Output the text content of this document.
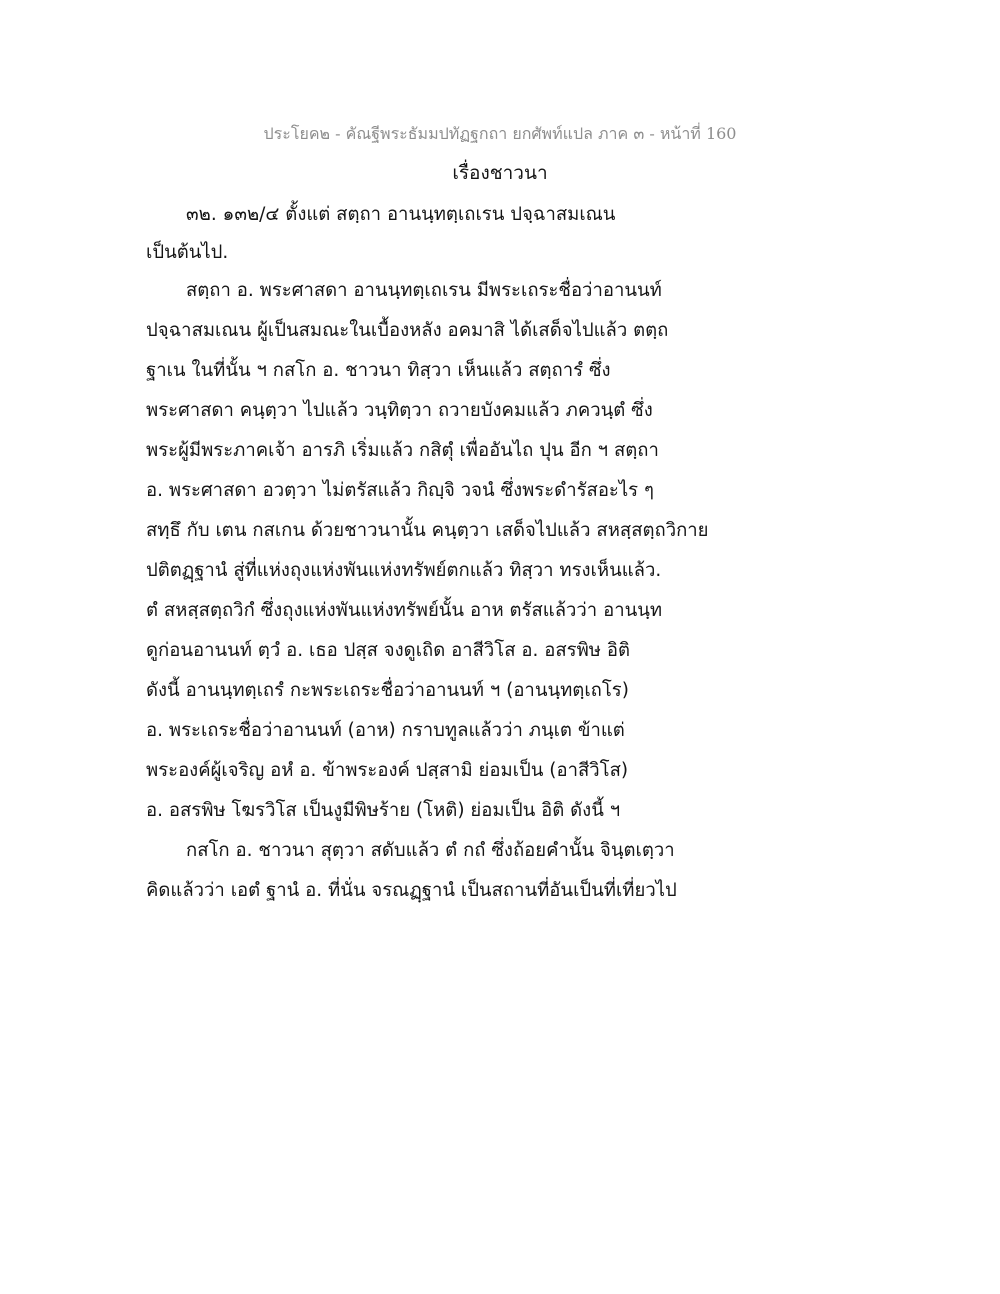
ประโยค๒ - คัณฐีพระธัมมปทัฏฐกถา ยกศัพท์แปล ภาค ๓ - หน้าที่ 160
เรื่องชาวนา
๓๒. ๑๓๒/๔ ตั้งแต่ สตฺถา อานนฺทตฺเถเรน ปจฺฉาสมเณน
เป็นต้นไป.
สตฺถา อ. พระศาสดา อานนฺทตฺเถเรน มีพระเถระชื่อว่าอานนท์
ปจฺฉาสมเณน ผู้เป็นสมณะในเบื้องหลัง อคมาสิ ได้เสด็จไปแล้ว ตตฺถ
ฐาเน ในที่นั้น ฯ กสโก อ. ชาวนา ทิสฺวา เห็นแล้ว สตฺถารํ ซึ่ง
พระศาสดา คนฺตฺวา ไปแล้ว วนฺทิตฺวา ถวายบังคมแล้ว ภควนฺตํ ซึ่ง
พระผู้มีพระภาคเจ้า อารภิ เริ่มแล้ว กสิตุํ เพื่ออันไถ ปุน อีก ฯ สตฺถา
อ. พระศาสดา อวตฺวา ไม่ตรัสแล้ว กิญฺจิ วจนํ ซึ่งพระดำรัสอะไร ๆ
สทฺธึ กับ เตน กสเกน ด้วยชาวนานั้น คนฺตฺวา เสด็จไปแล้ว สหสฺสตฺถวิกาย
ปติตฏฺฐานํ สู่ที่แห่งถุงแห่งพันแห่งทรัพย์ตกแล้ว ทิสฺวา ทรงเห็นแล้ว.
ตํ สหสฺสตฺถวิกํ ซึ่งถุงแห่งพันแห่งทรัพย์นั้น อาห ตรัสแล้วว่า อานนฺท
ดูก่อนอานนท์ ตฺวํ อ. เธอ ปสฺส จงดูเถิด อาสีวิโส อ. อสรพิษ อิติ
ดังนี้ อานนฺทตฺเถรํ กะพระเถระชื่อว่าอานนท์ ฯ (อานนฺทตฺเถโร)
อ. พระเถระชื่อว่าอานนท์ (อาห) กราบทูลแล้วว่า ภนฺเต ข้าแต่
พระองค์ผู้เจริญ อหํ อ. ข้าพระองค์ ปสฺสามิ ย่อมเป็น (อาสีวิโส)
อ. อสรพิษ โฆรวิโส เป็นงูมีพิษร้าย (โหติ) ย่อมเป็น อิติ ดังนี้ ฯ
กสโก อ. ชาวนา สุตฺวา สดับแล้ว ตํ กถํ ซึ่งถ้อยคำนั้น จินฺตเตฺวา
คิดแล้วว่า เอตํ ฐานํ อ. ที่นั่น จรณฏฺฐานํ เป็นสถานที่อันเป็นที่เที่ยวไป
